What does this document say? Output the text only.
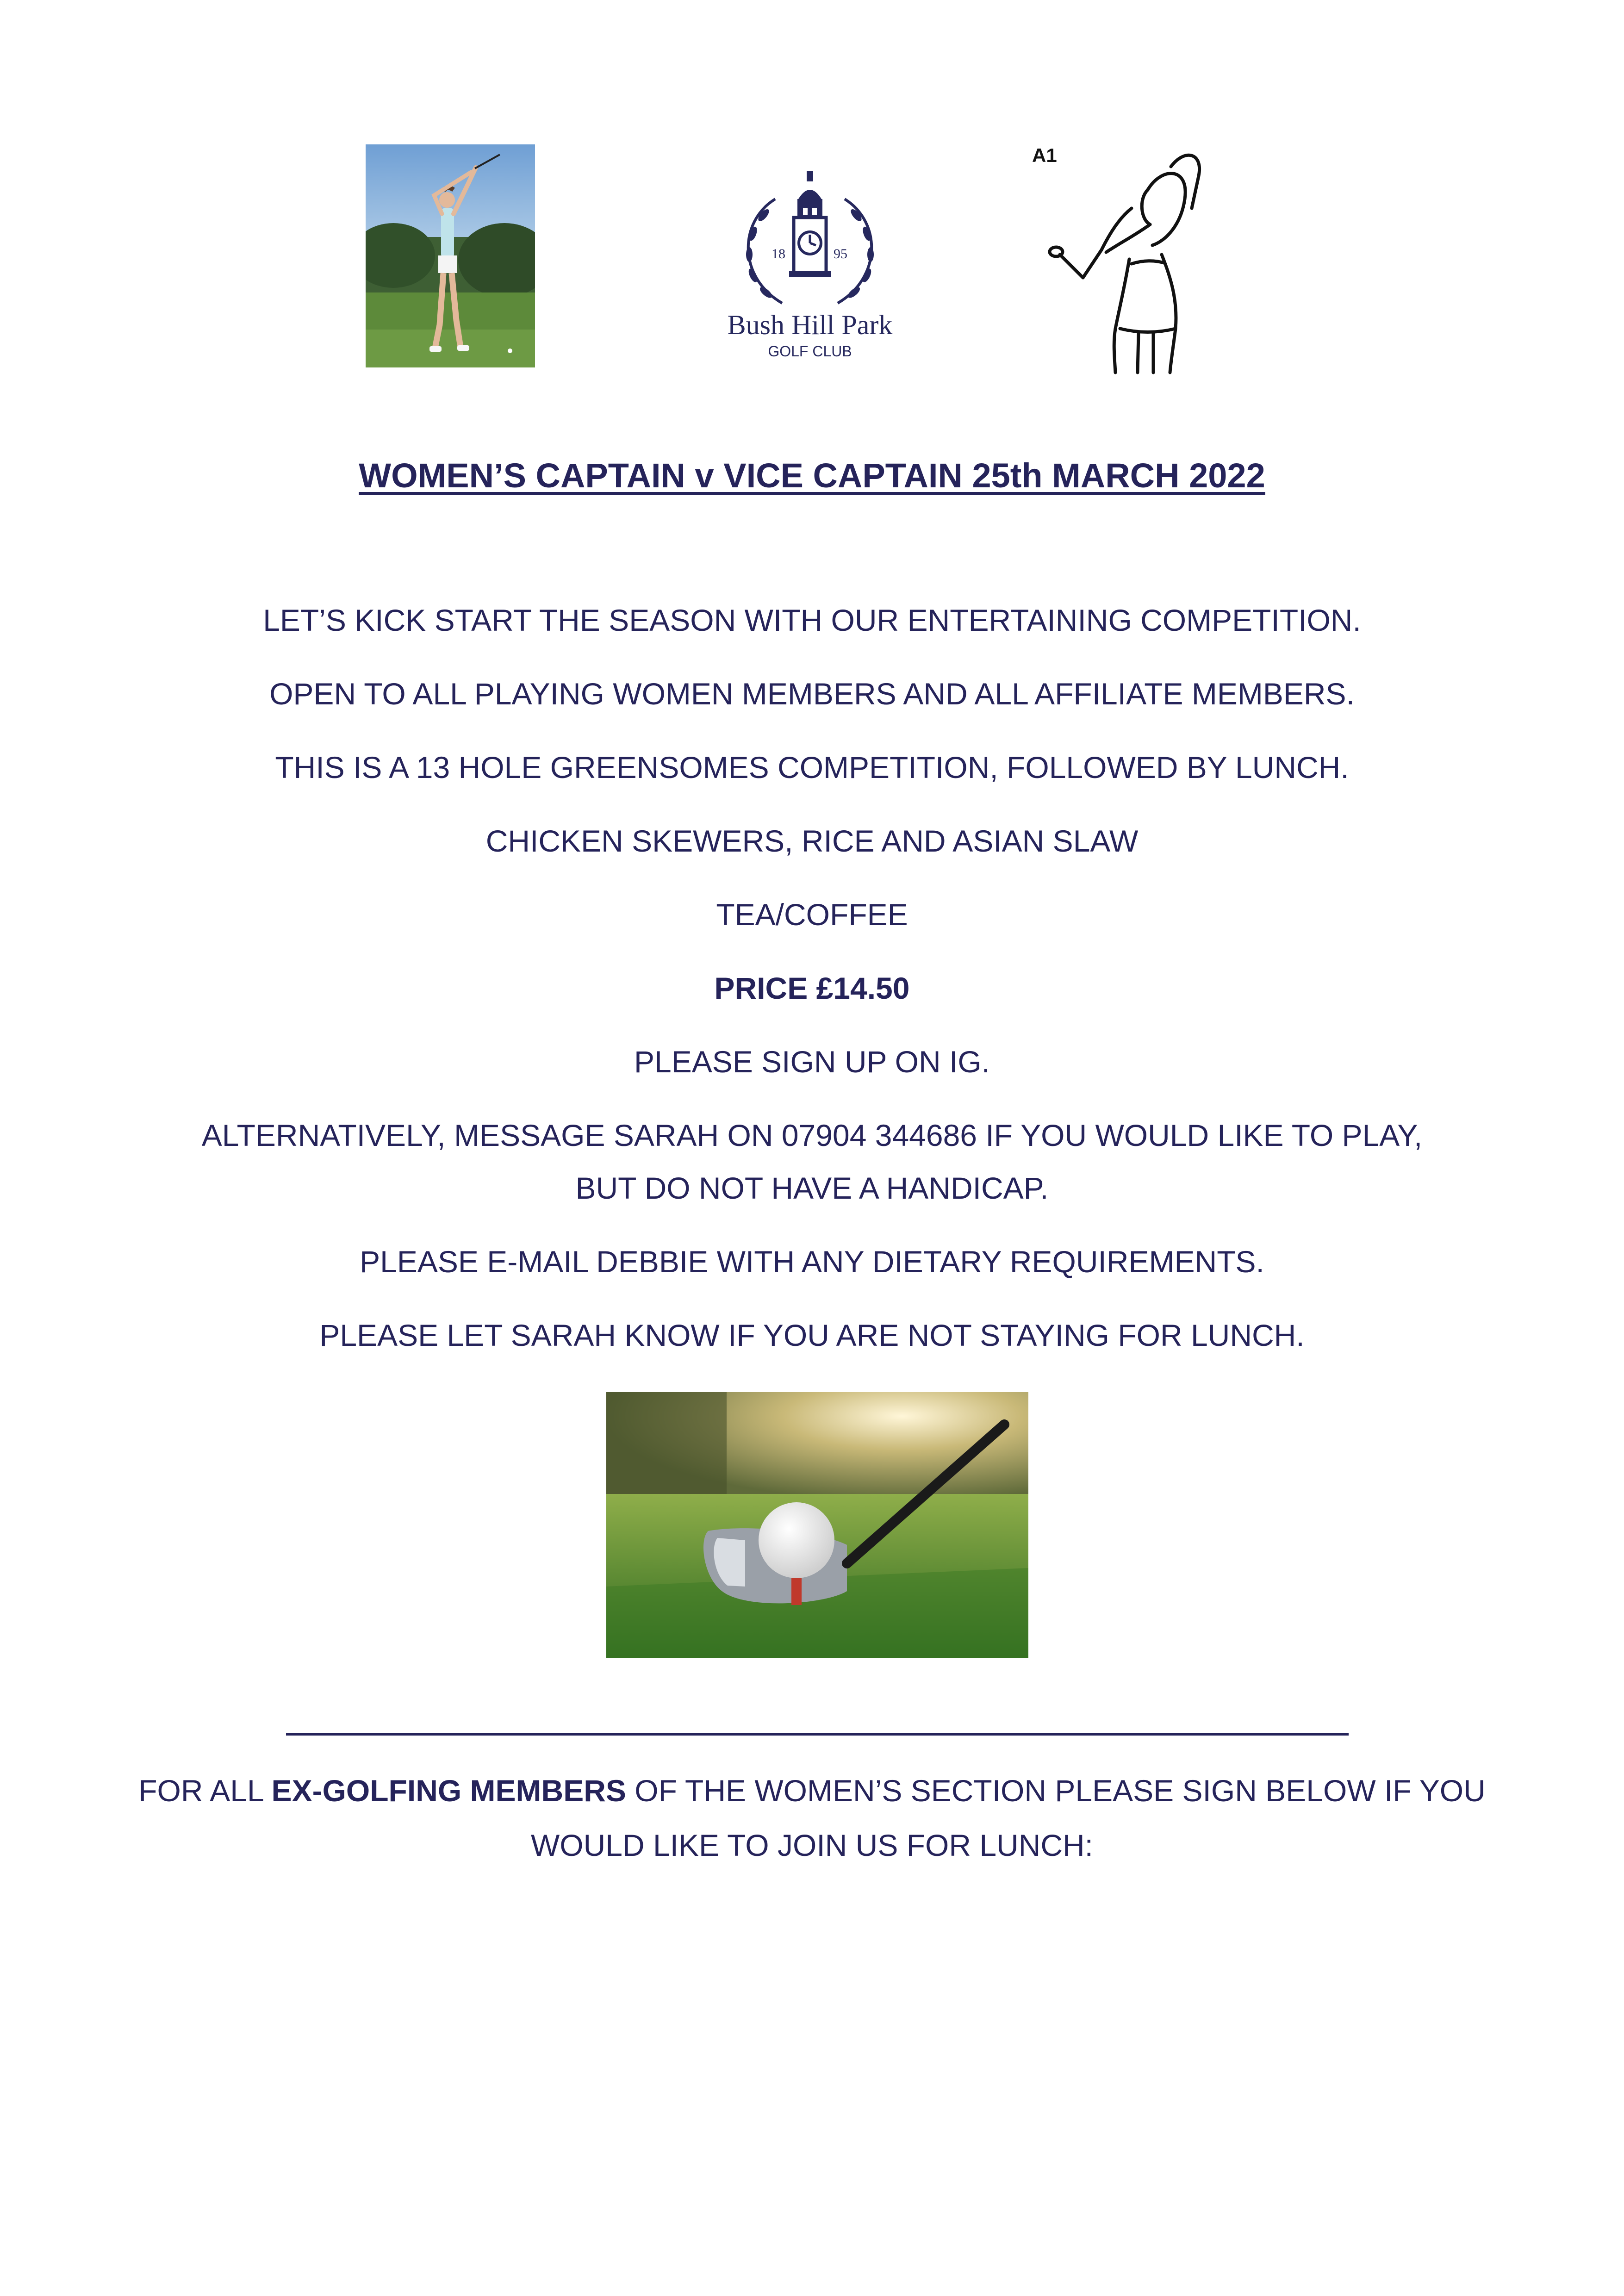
18	95
Bush Hill Park
GOLF CLUB
A1
WOMEN’S CAPTAIN v VICE CAPTAIN 25th MARCH 2022
LET’S KICK START THE SEASON WITH OUR ENTERTAINING COMPETITION.
OPEN TO ALL PLAYING WOMEN MEMBERS AND ALL AFFILIATE MEMBERS.
THIS IS A 13 HOLE GREENSOMES COMPETITION, FOLLOWED BY LUNCH.
CHICKEN SKEWERS, RICE AND ASIAN SLAW
TEA/COFFEE
PRICE £14.50
PLEASE SIGN UP ON IG.
ALTERNATIVELY, MESSAGE SARAH ON 07904 344686 IF YOU WOULD LIKE TO PLAY,
BUT DO NOT HAVE A HANDICAP.
PLEASE E-MAIL DEBBIE WITH ANY DIETARY REQUIREMENTS.
PLEASE LET SARAH KNOW IF YOU ARE NOT STAYING FOR LUNCH.
FOR ALL EX-GOLFING MEMBERS OF THE WOMEN’S SECTION PLEASE SIGN BELOW IF YOU WOULD LIKE TO JOIN US FOR LUNCH:
